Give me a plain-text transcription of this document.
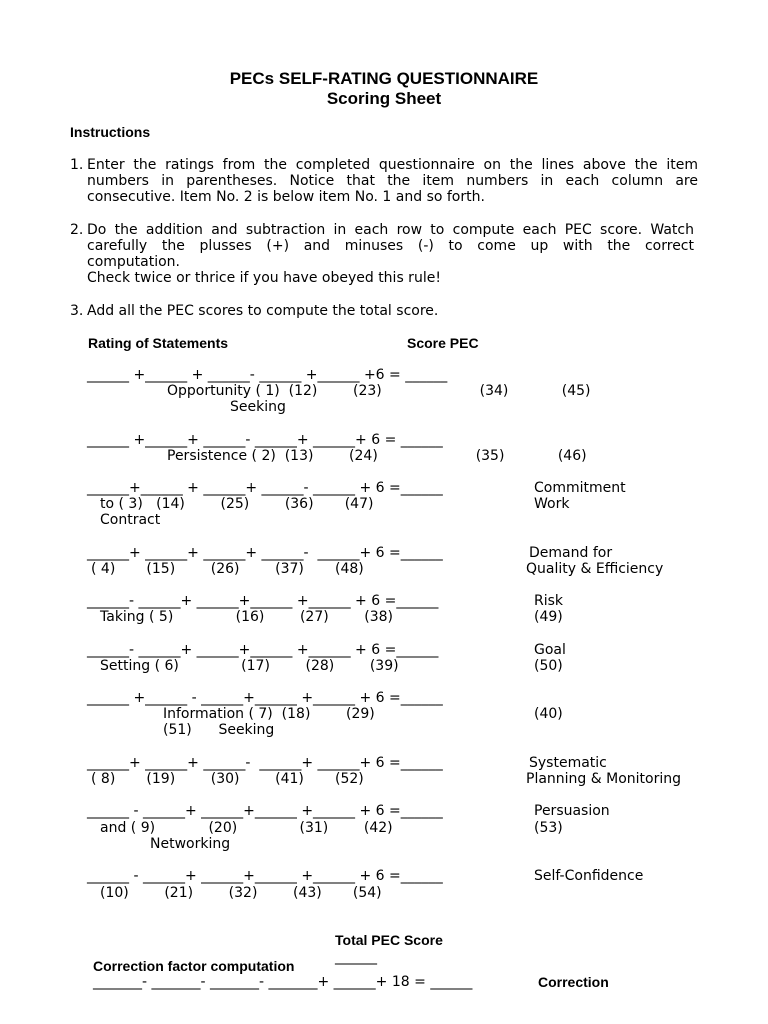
PECs SELF-RATING QUESTIONNAIRE
Scoring Sheet
Instructions
1. Enter the ratings from the completed questionnaire on the lines above the item
numbers in parentheses. Notice that the item numbers in each column are
consecutive. Item No. 2 is below item No. 1 and so forth.
2. Do the addition and subtraction in each row to compute each PEC score. Watch
carefully the plusses (+) and minuses (-) to come up with the correct
computation.
Check twice or thrice if you have obeyed this rule!
3. Add all the PEC scores to compute the total score.
Rating of Statements	Score PEC
______ +______ + ______- ______ +______ +6 = ______
Opportunity ( 1)  (12)        (23)                      (34)            (45)
Seeking
______ +______+ ______- ______+ ______+ 6 = ______
Persistence ( 2)  (13)        (24)                      (35)            (46)
______+______ + ______+ ______- ______ + 6 =______	Commitment
to ( 3)   (14)        (25)        (36)       (47)	Work
Contract
______+ ______+ ______+ ______-  ______+ 6 =______	Demand for
( 4)       (15)        (26)        (37)       (48)	Quality & Efficiency
______- ______+ ______+______ +______ + 6 =______	Risk
Taking ( 5)              (16)        (27)        (38)	(49)
______- ______+ ______+______ +______ + 6 =______	Goal
Setting ( 6)              (17)        (28)        (39)	(50)
______ +______ - ______+______ +______ + 6 =______
Information ( 7)  (18)        (29)	(40)
(51)      Seeking
______+ ______+ ______-  ______+ ______+ 6 =______	Systematic
( 8)       (19)        (30)        (41)       (52)	Planning & Monitoring
______ - ______+ ______+______ +______ + 6 =______	Persuasion
and ( 9)            (20)              (31)        (42)	(53)
Networking
______ - ______+ ______+______ +______ + 6 =______	Self-Confidence
(10)        (21)        (32)        (43)       (54)

Total PEC Score
______

Correction factor computation
_______- _______- _______- _______+ ______+ 18 = ______	Correction
